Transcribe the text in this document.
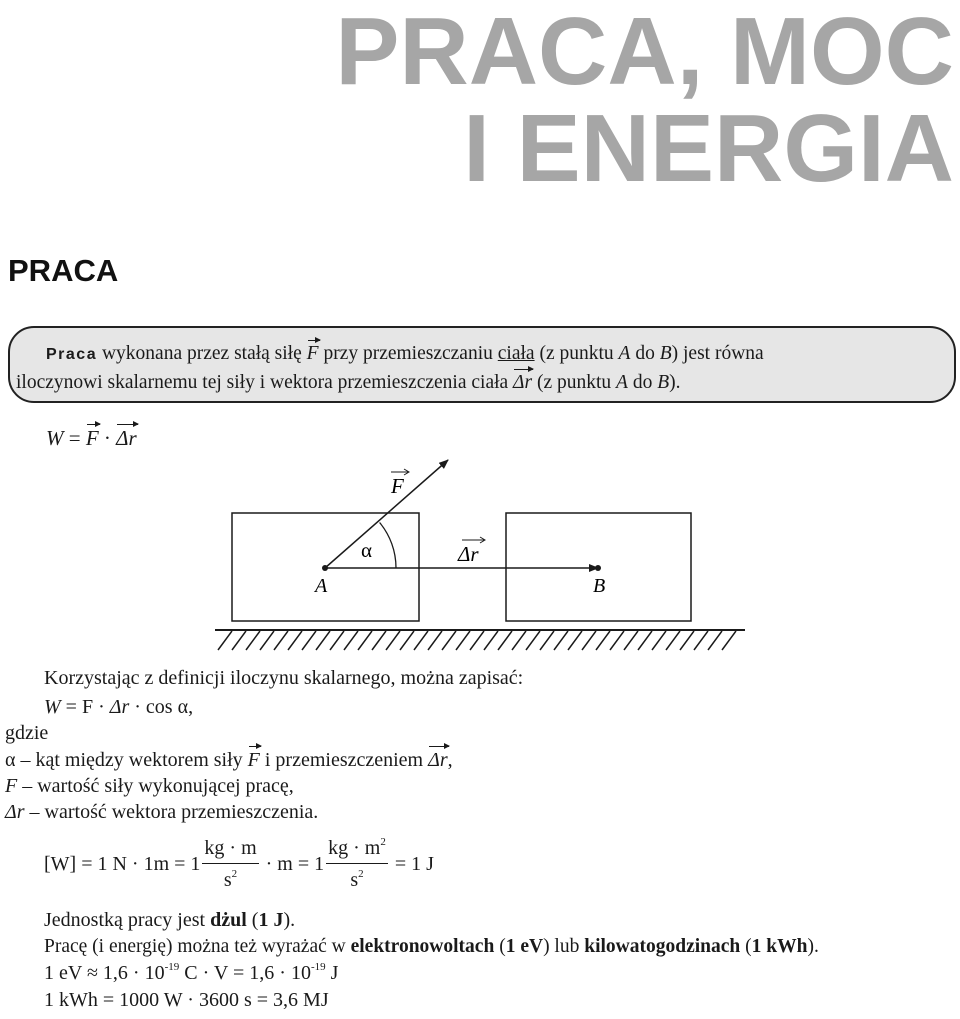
PRACA, MOC
I ENERGIA
PRACA
Praca wykonana przez stałą siłę F przy przemieszczaniu ciała (z punktu A do B) jest równa
iloczynowi skalarnemu tej siły i wektora przemieszczenia ciała Δr (z punktu A do B).
W = F · Δr
F
α	Δr
A	B
Korzystając z definicji iloczynu skalarnego, można zapisać:
W = F · Δr · cos α,
gdzie
α – kąt między wektorem siły F i przemieszczeniem Δr,
F – wartość siły wykonującej pracę,
Δr – wartość wektora przemieszczenia.
[W] = 1 $N \cdot 1m = 1 \frac{kg \cdot m}{s^2} \cdot m = 1 \frac{kg \cdot m^2}{s^2} = 1$ J
Jednostką pracy jest dżul (1 J).
Pracę (i energię) można też wyrażać w elektronowoltach (1 eV) lub kilowatogodzinach (1 kWh).
1 eV ≈ $1,6 \cdot 10^{-19}$ $C \cdot V = 1,6 \cdot 10^{-19}$ J
1 kWh = 1000 W · 3600 s = 3,6 MJ
